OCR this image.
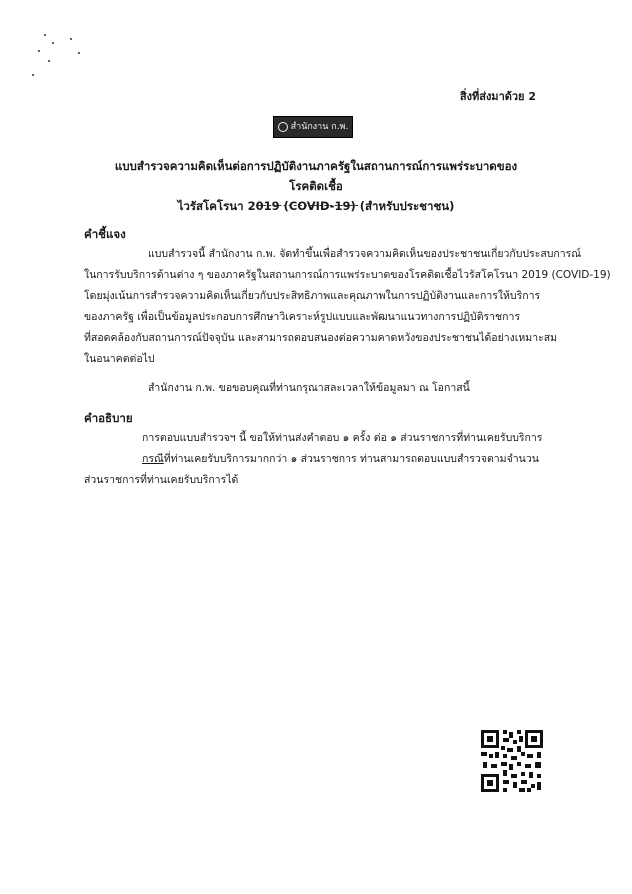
สิ่งที่ส่งมาด้วย 2
สำนักงาน ก.พ.
แบบสำรวจความคิดเห็นต่อการปฏิบัติงานภาครัฐในสถานการณ์การแพร่ระบาดของโรคติดเชื้อ
ไวรัสโคโรนา 2019 (COVID-19) (สำหรับประชาชน)
คำชี้แจง
แบบสำรวจนี้ สำนักงาน ก.พ. จัดทำขึ้นเพื่อสำรวจความคิดเห็นของประชาชนเกี่ยวกับประสบการณ์
ในการรับบริการด้านต่าง ๆ ของภาครัฐในสถานการณ์การแพร่ระบาดของโรคติดเชื้อไวรัสโคโรนา 2019 (COVID-19)
โดยมุ่งเน้นการสำรวจความคิดเห็นเกี่ยวกับประสิทธิภาพและคุณภาพในการปฏิบัติงานและการให้บริการ
ของภาครัฐ เพื่อเป็นข้อมูลประกอบการศึกษาวิเคราะห์รูปแบบและพัฒนาแนวทางการปฏิบัติราชการ
ที่สอดคล้องกับสถานการณ์ปัจจุบัน และสามารถตอบสนองต่อความคาดหวังของประชาชนได้อย่างเหมาะสม
ในอนาคตต่อไป
สำนักงาน ก.พ. ขอขอบคุณที่ท่านกรุณาสละเวลาให้ข้อมูลมา ณ โอกาสนี้
คำอธิบาย
การตอบแบบสำรวจฯ นี้ ขอให้ท่านส่งคำตอบ ๑ ครั้ง ต่อ ๑ ส่วนราชการที่ท่านเคยรับบริการ
กรณีที่ท่านเคยรับบริการมากกว่า ๑ ส่วนราชการ ท่านสามารถตอบแบบสำรวจตามจำนวน
ส่วนราชการที่ท่านเคยรับบริการได้
